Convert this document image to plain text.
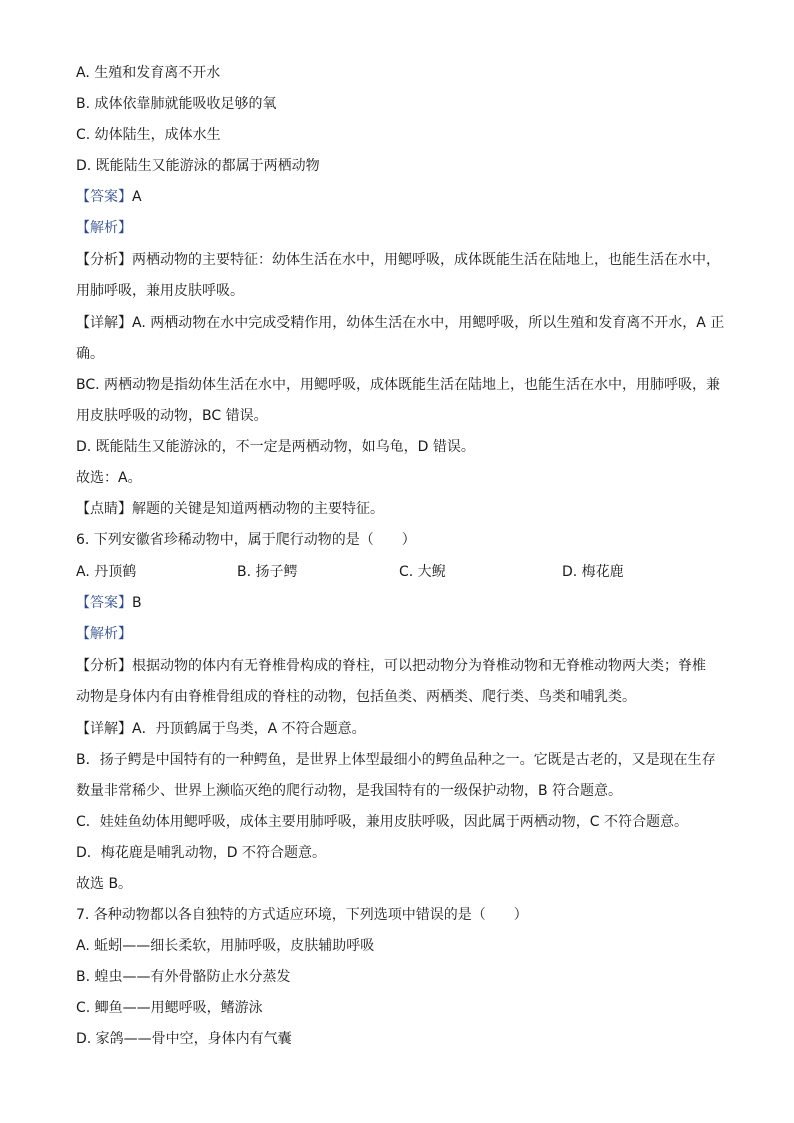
A. 生殖和发育离不开水
B. 成体依靠肺就能吸收足够的氧
C. 幼体陆生，成体水生
D. 既能陆生又能游泳的都属于两栖动物
【答案】A
【解析】
【分析】两栖动物的主要特征：幼体生活在水中，用鳃呼吸，成体既能生活在陆地上，也能生活在水中，
用肺呼吸，兼用皮肤呼吸。
【详解】A. 两栖动物在水中完成受精作用，幼体生活在水中，用鳃呼吸，所以生殖和发育离不开水，A 正
确。
BC. 两栖动物是指幼体生活在水中，用鳃呼吸，成体既能生活在陆地上，也能生活在水中，用肺呼吸，兼
用皮肤呼吸的动物，BC 错误。
D. 既能陆生又能游泳的，不一定是两栖动物，如乌龟，D 错误。
故选：A。
【点睛】解题的关键是知道两栖动物的主要特征。
6. 下列安徽省珍稀动物中，属于爬行动物的是（　　）
A. 丹顶鹤	B. 扬子鳄	C. 大鲵	D. 梅花鹿
【答案】B
【解析】
【分析】根据动物的体内有无脊椎骨构成的脊柱，可以把动物分为脊椎动物和无脊椎动物两大类；脊椎
动物是身体内有由脊椎骨组成的脊柱的动物，包括鱼类、两栖类、爬行类、鸟类和哺乳类。
【详解】A．丹顶鹤属于鸟类，A 不符合题意。
B．扬子鳄是中国特有的一种鳄鱼，是世界上体型最细小的鳄鱼品种之一。它既是古老的，又是现在生存
数量非常稀少、世界上濒临灭绝的爬行动物，是我国特有的一级保护动物，B 符合题意。
C．娃娃鱼幼体用鳃呼吸，成体主要用肺呼吸，兼用皮肤呼吸，因此属于两栖动物，C 不符合题意。
D．梅花鹿是哺乳动物，D 不符合题意。
故选 B。
7. 各种动物都以各自独特的方式适应环境，下列选项中错误的是（　　）
A. 蚯蚓——细长柔软，用肺呼吸，皮肤辅助呼吸
B. 蝗虫——有外骨骼防止水分蒸发
C. 鲫鱼——用鳃呼吸，鳍游泳
D. 家鸽——骨中空，身体内有气囊
